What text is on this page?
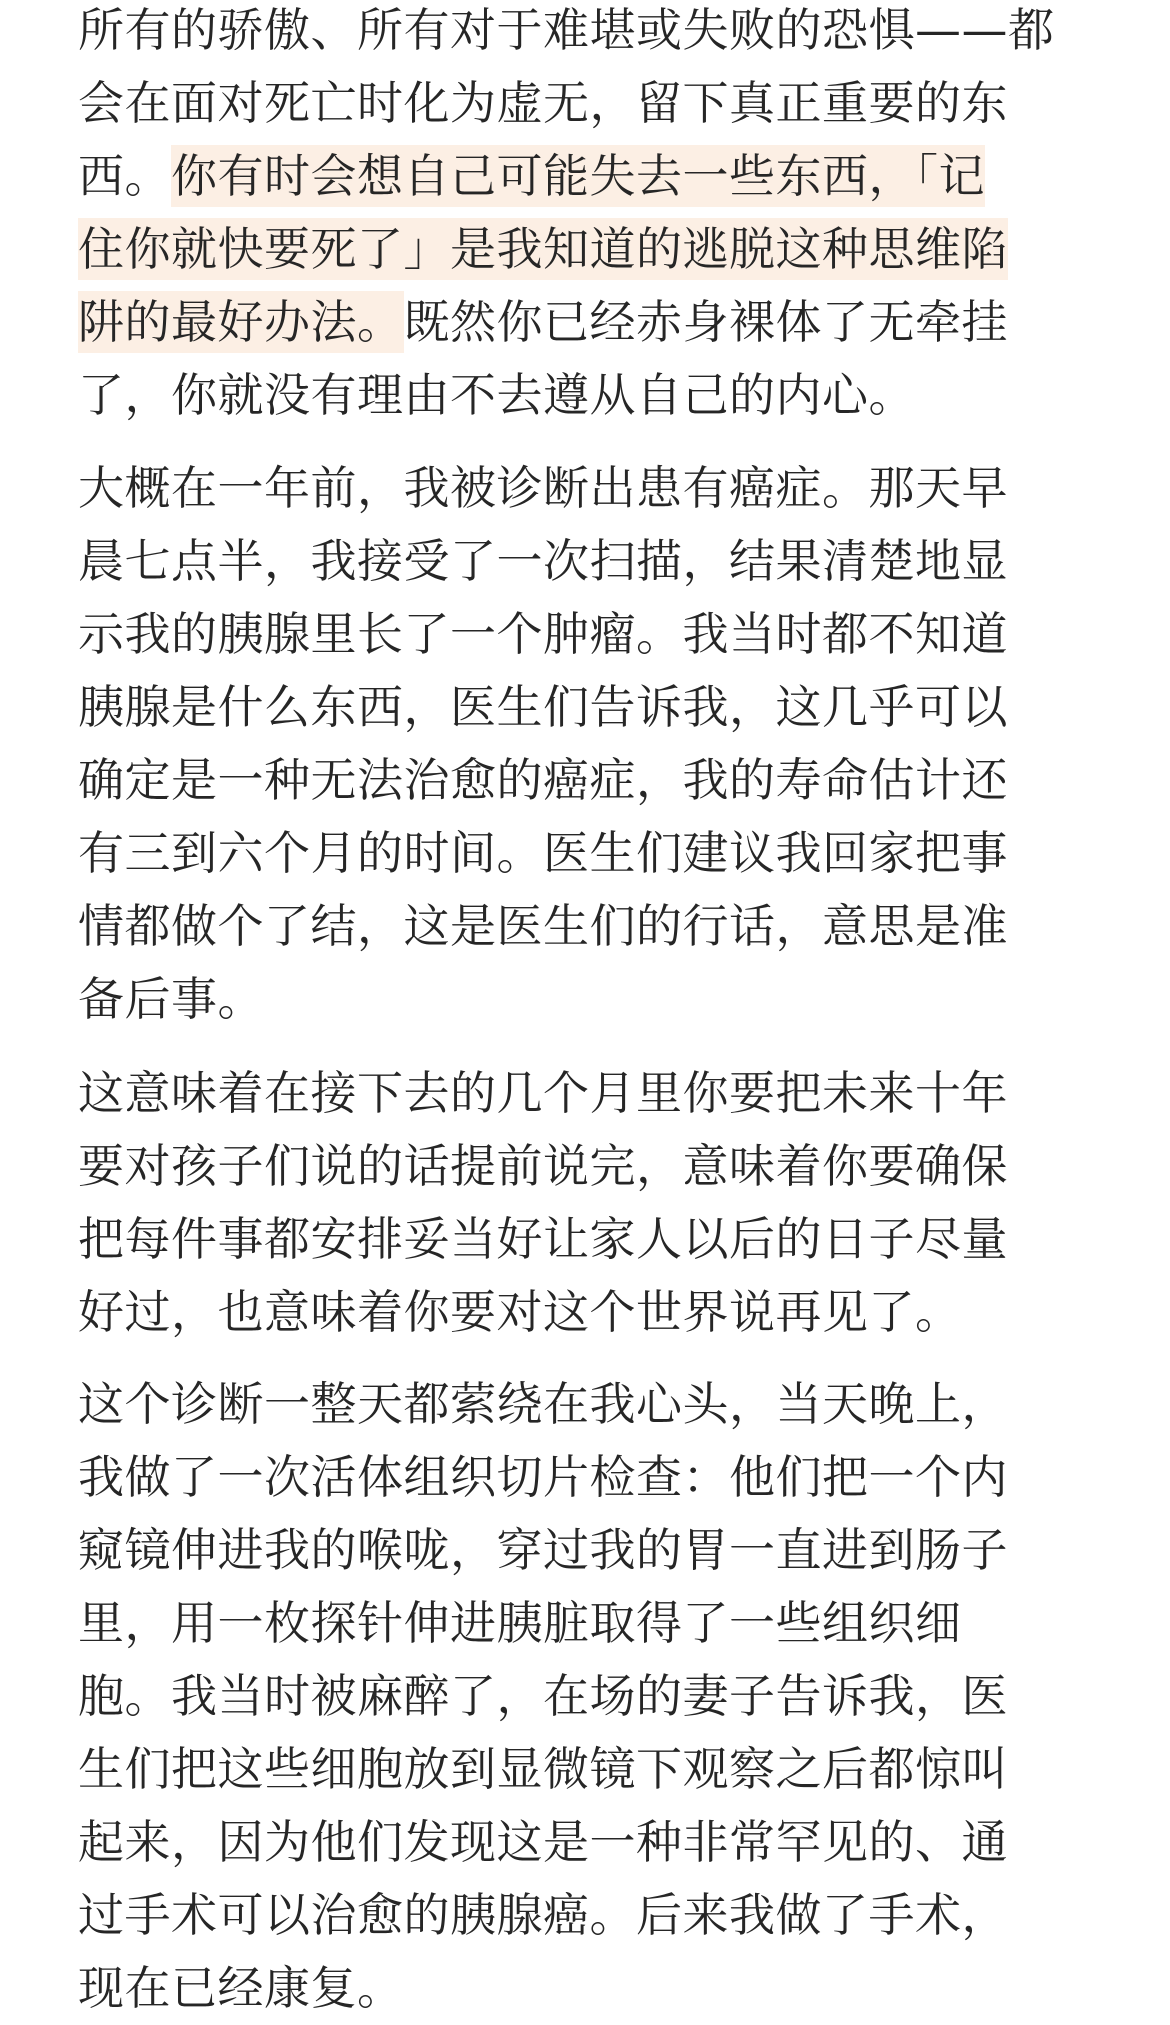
所有的骄傲、所有对于难堪或失败的恐惧——都
会在面对死亡时化为虚无，留下真正重要的东
西。你有时会想自己可能失去一些东西，「记
住你就快要死了」是我知道的逃脱这种思维陷
阱的最好办法。既然你已经赤身裸体了无牵挂
了，你就没有理由不去遵从自己的内心。
大概在一年前，我被诊断出患有癌症。那天早
晨七点半，我接受了一次扫描，结果清楚地显
示我的胰腺里长了一个肿瘤。我当时都不知道
胰腺是什么东西，医生们告诉我，这几乎可以
确定是一种无法治愈的癌症，我的寿命估计还
有三到六个月的时间。医生们建议我回家把事
情都做个了结，这是医生们的行话，意思是准
备后事。
这意味着在接下去的几个月里你要把未来十年
要对孩子们说的话提前说完，意味着你要确保
把每件事都安排妥当好让家人以后的日子尽量
好过，也意味着你要对这个世界说再见了。
这个诊断一整天都萦绕在我心头，当天晚上，
我做了一次活体组织切片检查：他们把一个内
窥镜伸进我的喉咙，穿过我的胃一直进到肠子
里，用一枚探针伸进胰脏取得了一些组织细
胞。我当时被麻醉了，在场的妻子告诉我，医
生们把这些细胞放到显微镜下观察之后都惊叫
起来，因为他们发现这是一种非常罕见的、通
过手术可以治愈的胰腺癌。后来我做了手术，
现在已经康复。
